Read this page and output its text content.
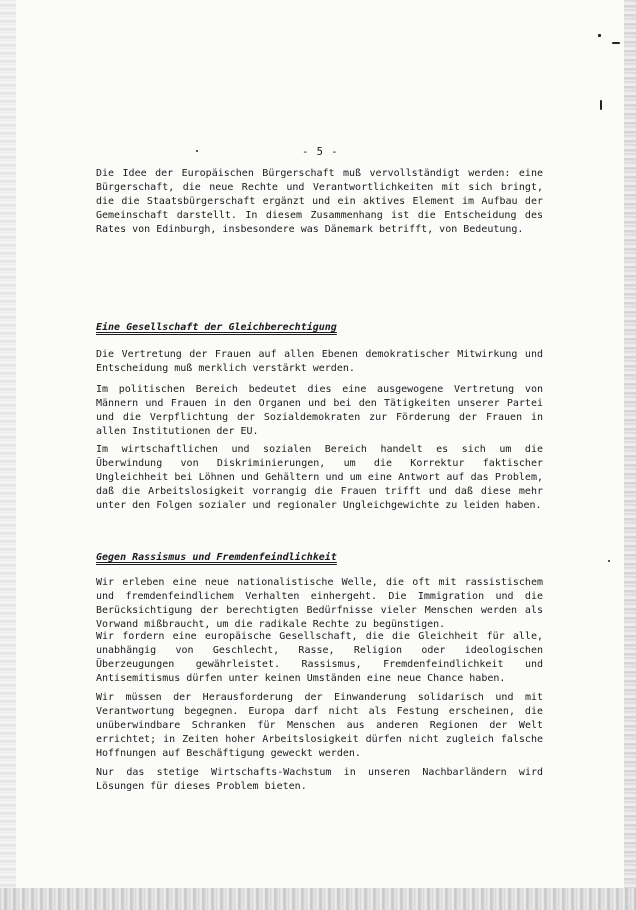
- 5 -
Die Idee der Europäischen Bürgerschaft muß vervollständigt werden: eine Bürgerschaft, die neue Rechte und Verantwortlichkeiten mit sich bringt, die die Staatsbürgerschaft ergänzt und ein aktives Element im Aufbau der Gemeinschaft darstellt. In diesem Zusammenhang ist die Entscheidung des Rates von Edinburgh, insbesondere was Dänemark betrifft, von Bedeutung.
Eine Gesellschaft der Gleichberechtigung
Die Vertretung der Frauen auf allen Ebenen demokratischer Mitwirkung und Entscheidung muß merklich verstärkt werden.
Im politischen Bereich bedeutet dies eine ausgewogene Vertretung von Männern und Frauen in den Organen und bei den Tätigkeiten unserer Partei und die Verpflichtung der Sozialdemokraten zur Förderung der Frauen in allen Institutionen der EU.
Im wirtschaftlichen und sozialen Bereich handelt es sich um die Überwindung von Diskriminierungen, um die Korrektur faktischer Ungleichheit bei Löhnen und Gehältern und um eine Antwort auf das Problem, daß die Arbeitslosigkeit vorrangig die Frauen trifft und daß diese mehr unter den Folgen sozialer und regionaler Ungleichgewichte zu leiden haben.
Gegen Rassismus und Fremdenfeindlichkeit
Wir erleben eine neue nationalistische Welle, die oft mit rassistischem und fremdenfeindlichem Verhalten einhergeht. Die Immigration und die Berücksichtigung der berechtigten Bedürfnisse vieler Menschen werden als Vorwand mißbraucht, um die radikale Rechte zu begünstigen.
Wir fordern eine europäische Gesellschaft, die die Gleichheit für alle, unabhängig von Geschlecht, Rasse, Religion oder ideologischen Überzeugungen gewährleistet. Rassismus, Fremdenfeindlichkeit und Antisemitismus dürfen unter keinen Umständen eine neue Chance haben.
Wir müssen der Herausforderung der Einwanderung solidarisch und mit Verantwortung begegnen. Europa darf nicht als Festung erscheinen, die unüberwindbare Schranken für Menschen aus anderen Regionen der Welt errichtet; in Zeiten hoher Arbeitslosigkeit dürfen nicht zugleich falsche Hoffnungen auf Beschäftigung geweckt werden.
Nur das stetige Wirtschafts-Wachstum in unseren Nachbarländern wird Lösungen für dieses Problem bieten.
